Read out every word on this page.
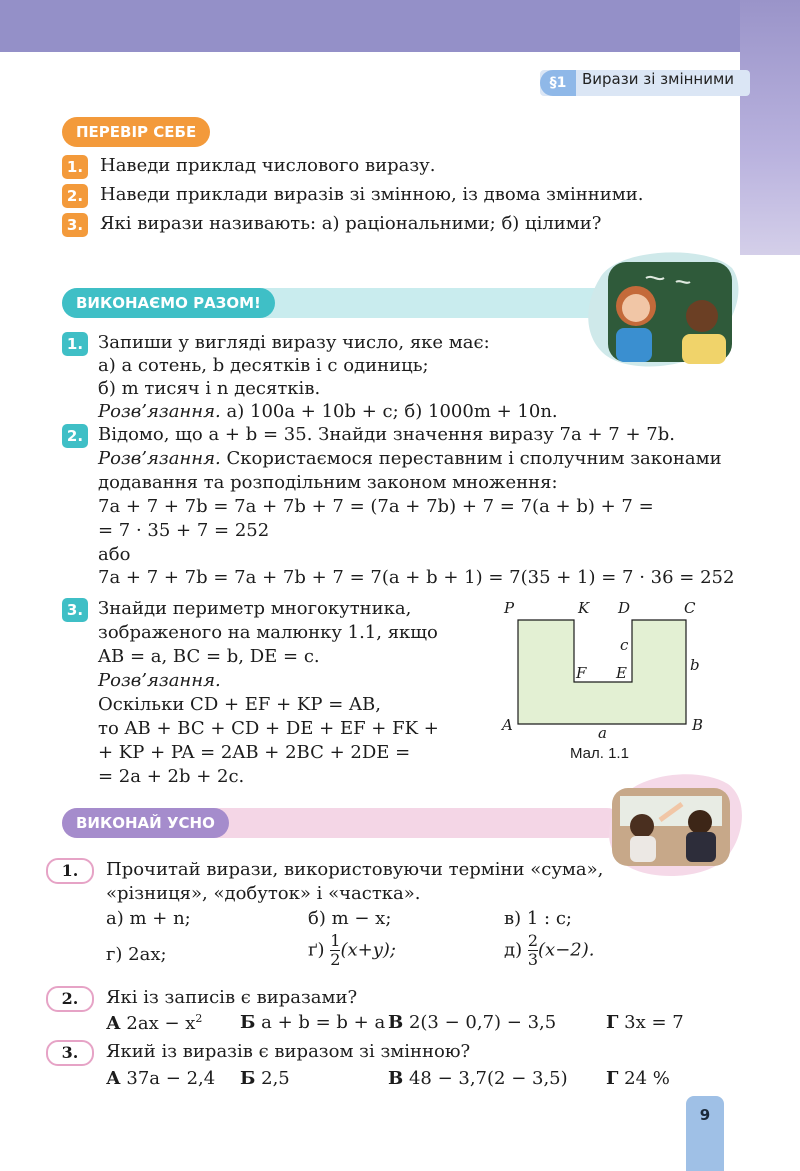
§1	Вирази зі змінними
ПЕРЕВІР СЕБЕ
1. Наведи приклад числового виразу.
2. Наведи приклади виразів зі змінною, із двома змінними.
3. Які вирази називають: а) раціональними; б) цілими?
ВИКОНАЄМО РАЗОМ!
1. Запиши у вигляді виразу число, яке має:
а) a сотень, b десятків і c одиниць;
б) m тисяч і n десятків.
Розв’язання. а) 100a + 10b + c; б) 1000m + 10n.
2. Відомо, що a + b = 35. Знайди значення виразу 7a + 7 + 7b.
Розв’язання. Скористаємося переставним і сполучним законами
додавання та розподільним законом множення:
7a + 7 + 7b = 7a + 7b + 7 = (7a + 7b) + 7 = 7(a + b) + 7 =
= 7 · 35 + 7 = 252
або
7a + 7 + 7b = 7a + 7b + 7 = 7(a + b + 1) = 7(35 + 1) = 7 · 36 = 252
3. Знайди периметр многокутника,
зображеного на малюнку 1.1, якщо
AB = a, BC = b, DE = c.
Розв’язання.
Оскільки CD + EF + KP = AB,
то AB + BC + CD + DE + EF + FK +
+ KP + PA = 2AB + 2BC + 2DE =
= 2a + 2b + 2c.
P	K D	C
F E
A	B
a
b
c
Мал. 1.1
ВИКОНАЙ УСНО
1.	Прочитай вирази, використовуючи терміни «сума»,
«різниця», «добуток» і «частка».
а) m + n;	б) m − x;	в) 1 : c;
г) 2ax;	$ґ) \frac{1}{2} (x+y)$;	$д) \frac{2}{3} (x-2)$.
2.	Які із записів є виразами?
А $2ax - x^2$ Б a + b = b + a В 2(3 − 0,7) − 3,5	Г 3x = 7
3.	Який із виразів є виразом зі змінною?
А 37a − 2,4 Б 2,5	В 48 − 3,7(2 − 3,5) Г 24 %
9
